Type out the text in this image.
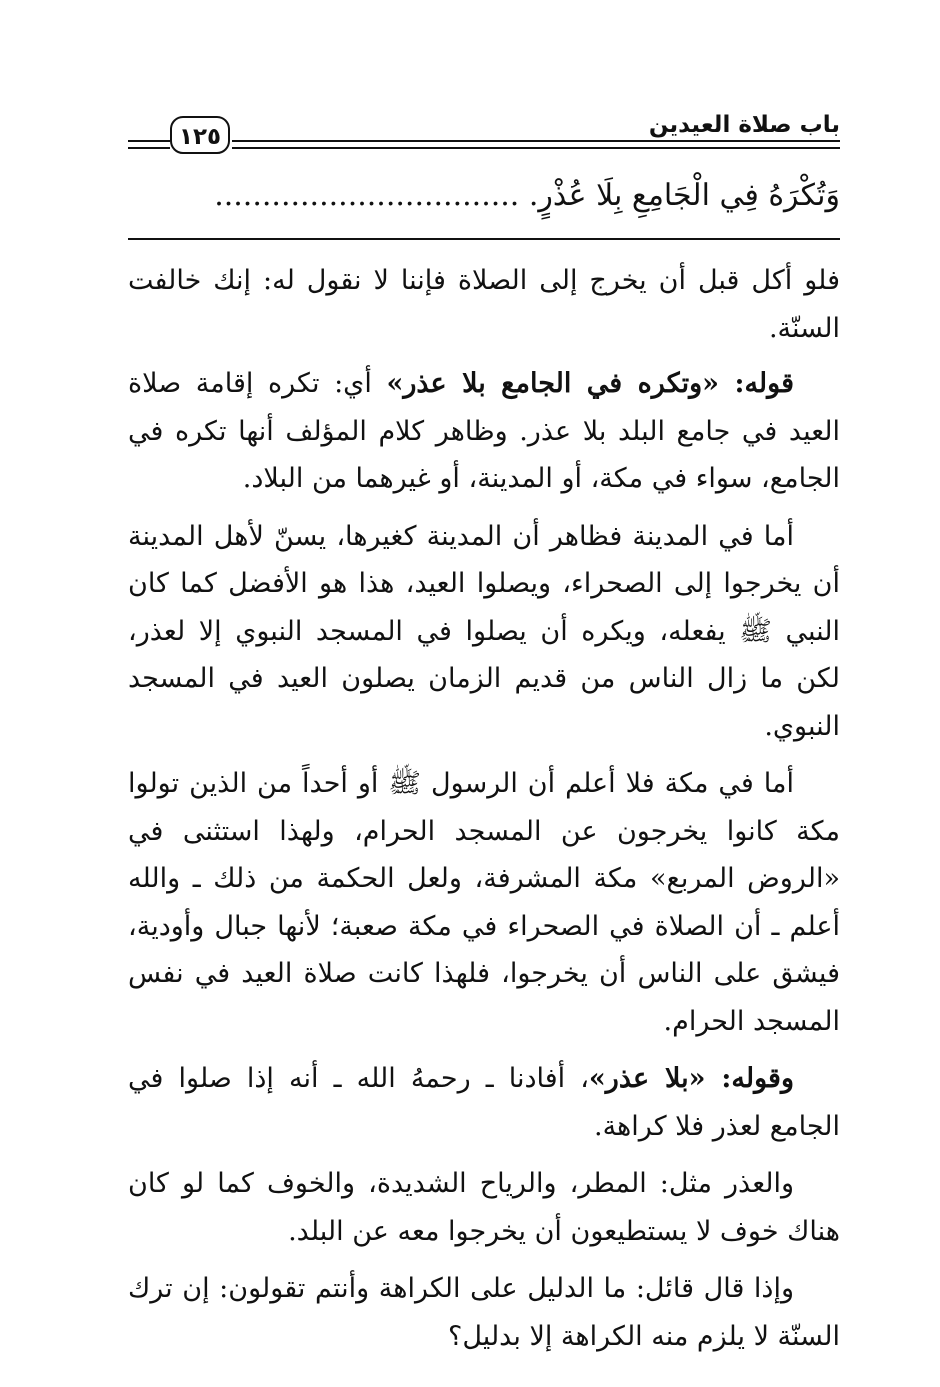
١٢٥	باب صلاة العيدين
وَتُكْرَهُ فِي الْجَامِعِ بِلَا عُذْرٍ. ................................

فلو أكل قبل أن يخرج إلى الصلاة فإننا لا نقول له: إنك خالفت السنّة.

قوله: «وتكره في الجامع بلا عذر» أي: تكره إقامة صلاة العيد في جامع البلد بلا عذر. وظاهر كلام المؤلف أنها تكره في الجامع، سواء في مكة، أو المدينة، أو غيرهما من البلاد.

أما في المدينة فظاهر أن المدينة كغيرها، يسنّ لأهل المدينة أن يخرجوا إلى الصحراء، ويصلوا العيد، هذا هو الأفضل كما كان النبي ﷺ يفعله، ويكره أن يصلوا في المسجد النبوي إلا لعذر، لكن ما زال الناس من قديم الزمان يصلون العيد في المسجد النبوي.

أما في مكة فلا أعلم أن الرسول ﷺ أو أحداً من الذين تولوا مكة كانوا يخرجون عن المسجد الحرام، ولهذا استثنى في «الروض المربع» مكة المشرفة، ولعل الحكمة من ذلك ـ والله أعلم ـ أن الصلاة في الصحراء في مكة صعبة؛ لأنها جبال وأودية، فيشق على الناس أن يخرجوا، فلهذا كانت صلاة العيد في نفس المسجد الحرام.

وقوله: «بلا عذر»، أفادنا ـ رحمهُ الله ـ أنه إذا صلوا في الجامع لعذر فلا كراهة.

والعذر مثل: المطر، والرياح الشديدة، والخوف كما لو كان هناك خوف لا يستطيعون أن يخرجوا معه عن البلد.

وإذا قال قائل: ما الدليل على الكراهة وأنتم تقولون: إن ترك السنّة لا يلزم منه الكراهة إلا بدليل؟
